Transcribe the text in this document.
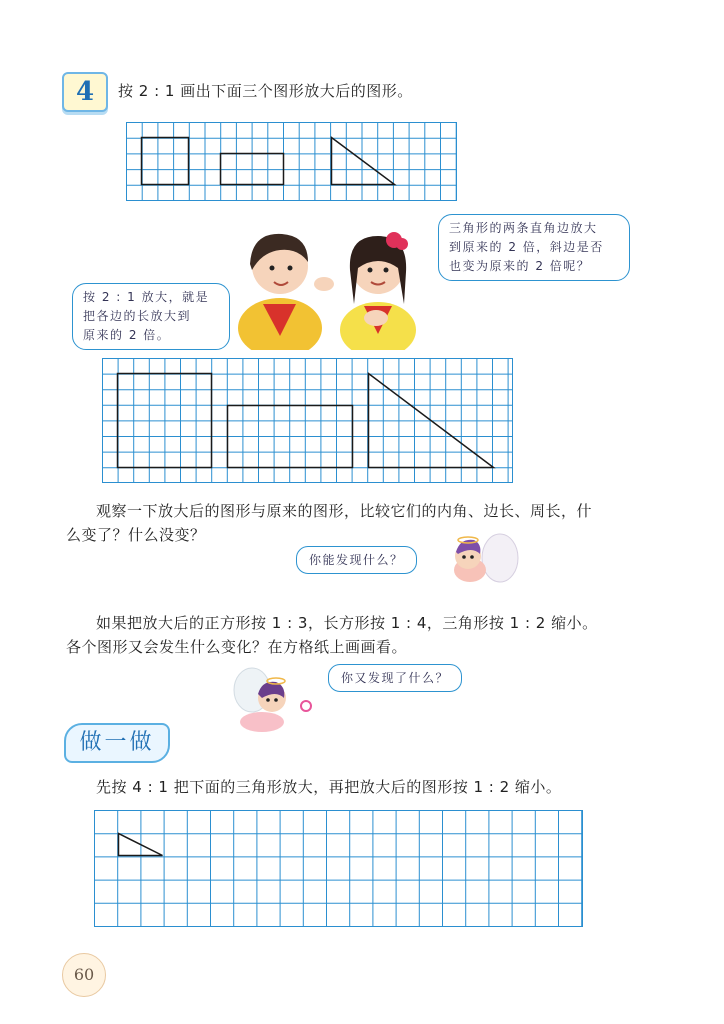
4	按 2 : 1 画出下面三个图形放大后的图形。
三角形的两条直角边放大
到原来的 2 倍，斜边是否
也变为原来的 2 倍呢？
按 2 : 1 放大，就是
把各边的长放大到
原来的 2 倍。
观察一下放大后的图形与原来的图形，比较它们的内角、边长、周长，什
么变了？什么没变？
你能发现什么？
如果把放大后的正方形按 1 : 3，长方形按 1 : 4，三角形按 1 : 2 缩小。
各个图形又会发生什么变化？在方格纸上画画看。
你又发现了什么？
做一做
先按 4 : 1 把下面的三角形放大，再把放大后的图形按 1 : 2 缩小。
60
